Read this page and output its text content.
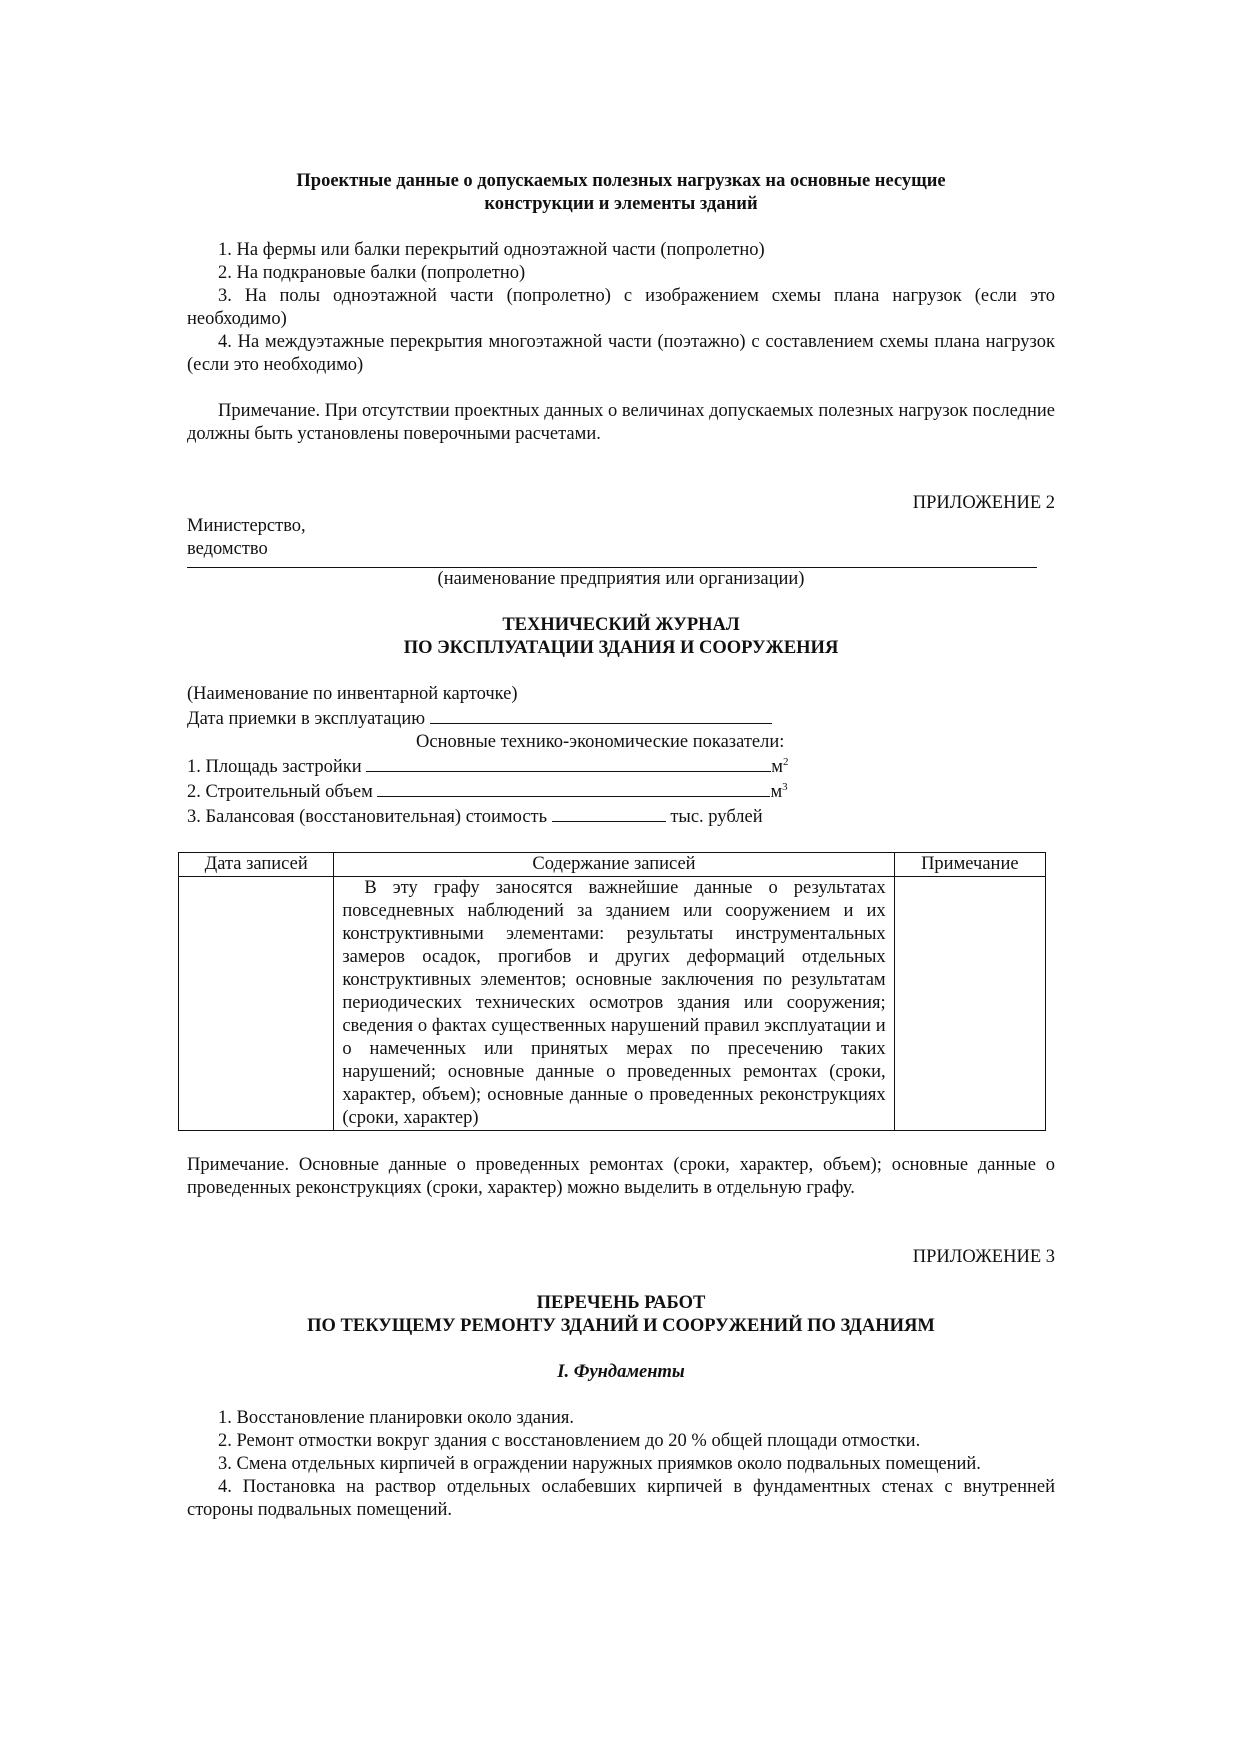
Проектные данные о допускаемых полезных нагрузках на основные несущие
конструкции и элементы зданий

1. На фермы или балки перекрытий одноэтажной части (попролетно)

2. На подкрановые балки (попролетно)

3. На полы одноэтажной части (попролетно) с изображением схемы плана нагрузок (если это необходимо)

4. На междуэтажные перекрытия многоэтажной части (поэтажно) с составлением схемы плана нагрузок (если это необходимо)

Примечание. При отсутствии проектных данных о величинах допускаемых полезных нагрузок последние должны быть установлены поверочными расчетами.

ПРИЛОЖЕНИЕ 2
Министерство,
ведомство
(наименование предприятия или организации)
ТЕХНИЧЕСКИЙ ЖУРНАЛ
ПО ЭКСПЛУАТАЦИИ ЗДАНИЯ И СООРУЖЕНИЯ
(Наименование по инвентарной карточке)
Дата приемки в эксплуатацию
Основные технико-экономические показатели:
1. Площадь застройки	$м^2$
2. Строительный объем	$м^3$
3. Балансовая (восстановительная) стоимость	тыс. рублей
Дата записей	Содержание записей	Примечание

	В эту графу заносятся важнейшие данные о результатах повседневных наблюдений за зданием или сооружением и их конструктивными элементами: результаты инструментальных замеров осадок, прогибов и других деформаций отдельных конструктивных элементов; основные заключения по результатам периодических технических осмотров здания или сооружения; сведения о фактах существенных нарушений правил эксплуатации и о намеченных или принятых мерах по пресечению таких нарушений; основные данные о проведенных ремонтах (сроки, характер, объем); основные данные о проведенных реконструкциях (сроки, характер)	

Примечание. Основные данные о проведенных ремонтах (сроки, характер, объем); основные данные о проведенных реконструкциях (сроки, характер) можно выделить в отдельную графу.

ПРИЛОЖЕНИЕ 3
ПЕРЕЧЕНЬ РАБОТ
ПО ТЕКУЩЕМУ РЕМОНТУ ЗДАНИЙ И СООРУЖЕНИЙ ПО ЗДАНИЯМ
I. Фундаменты

1. Восстановление планировки около здания.

2. Ремонт отмостки вокруг здания с восстановлением до 20 % общей площади отмостки.

3. Смена отдельных кирпичей в ограждении наружных приямков около подвальных помещений.

4. Постановка на раствор отдельных ослабевших кирпичей в фундаментных стенах с внутренней стороны подвальных помещений.
